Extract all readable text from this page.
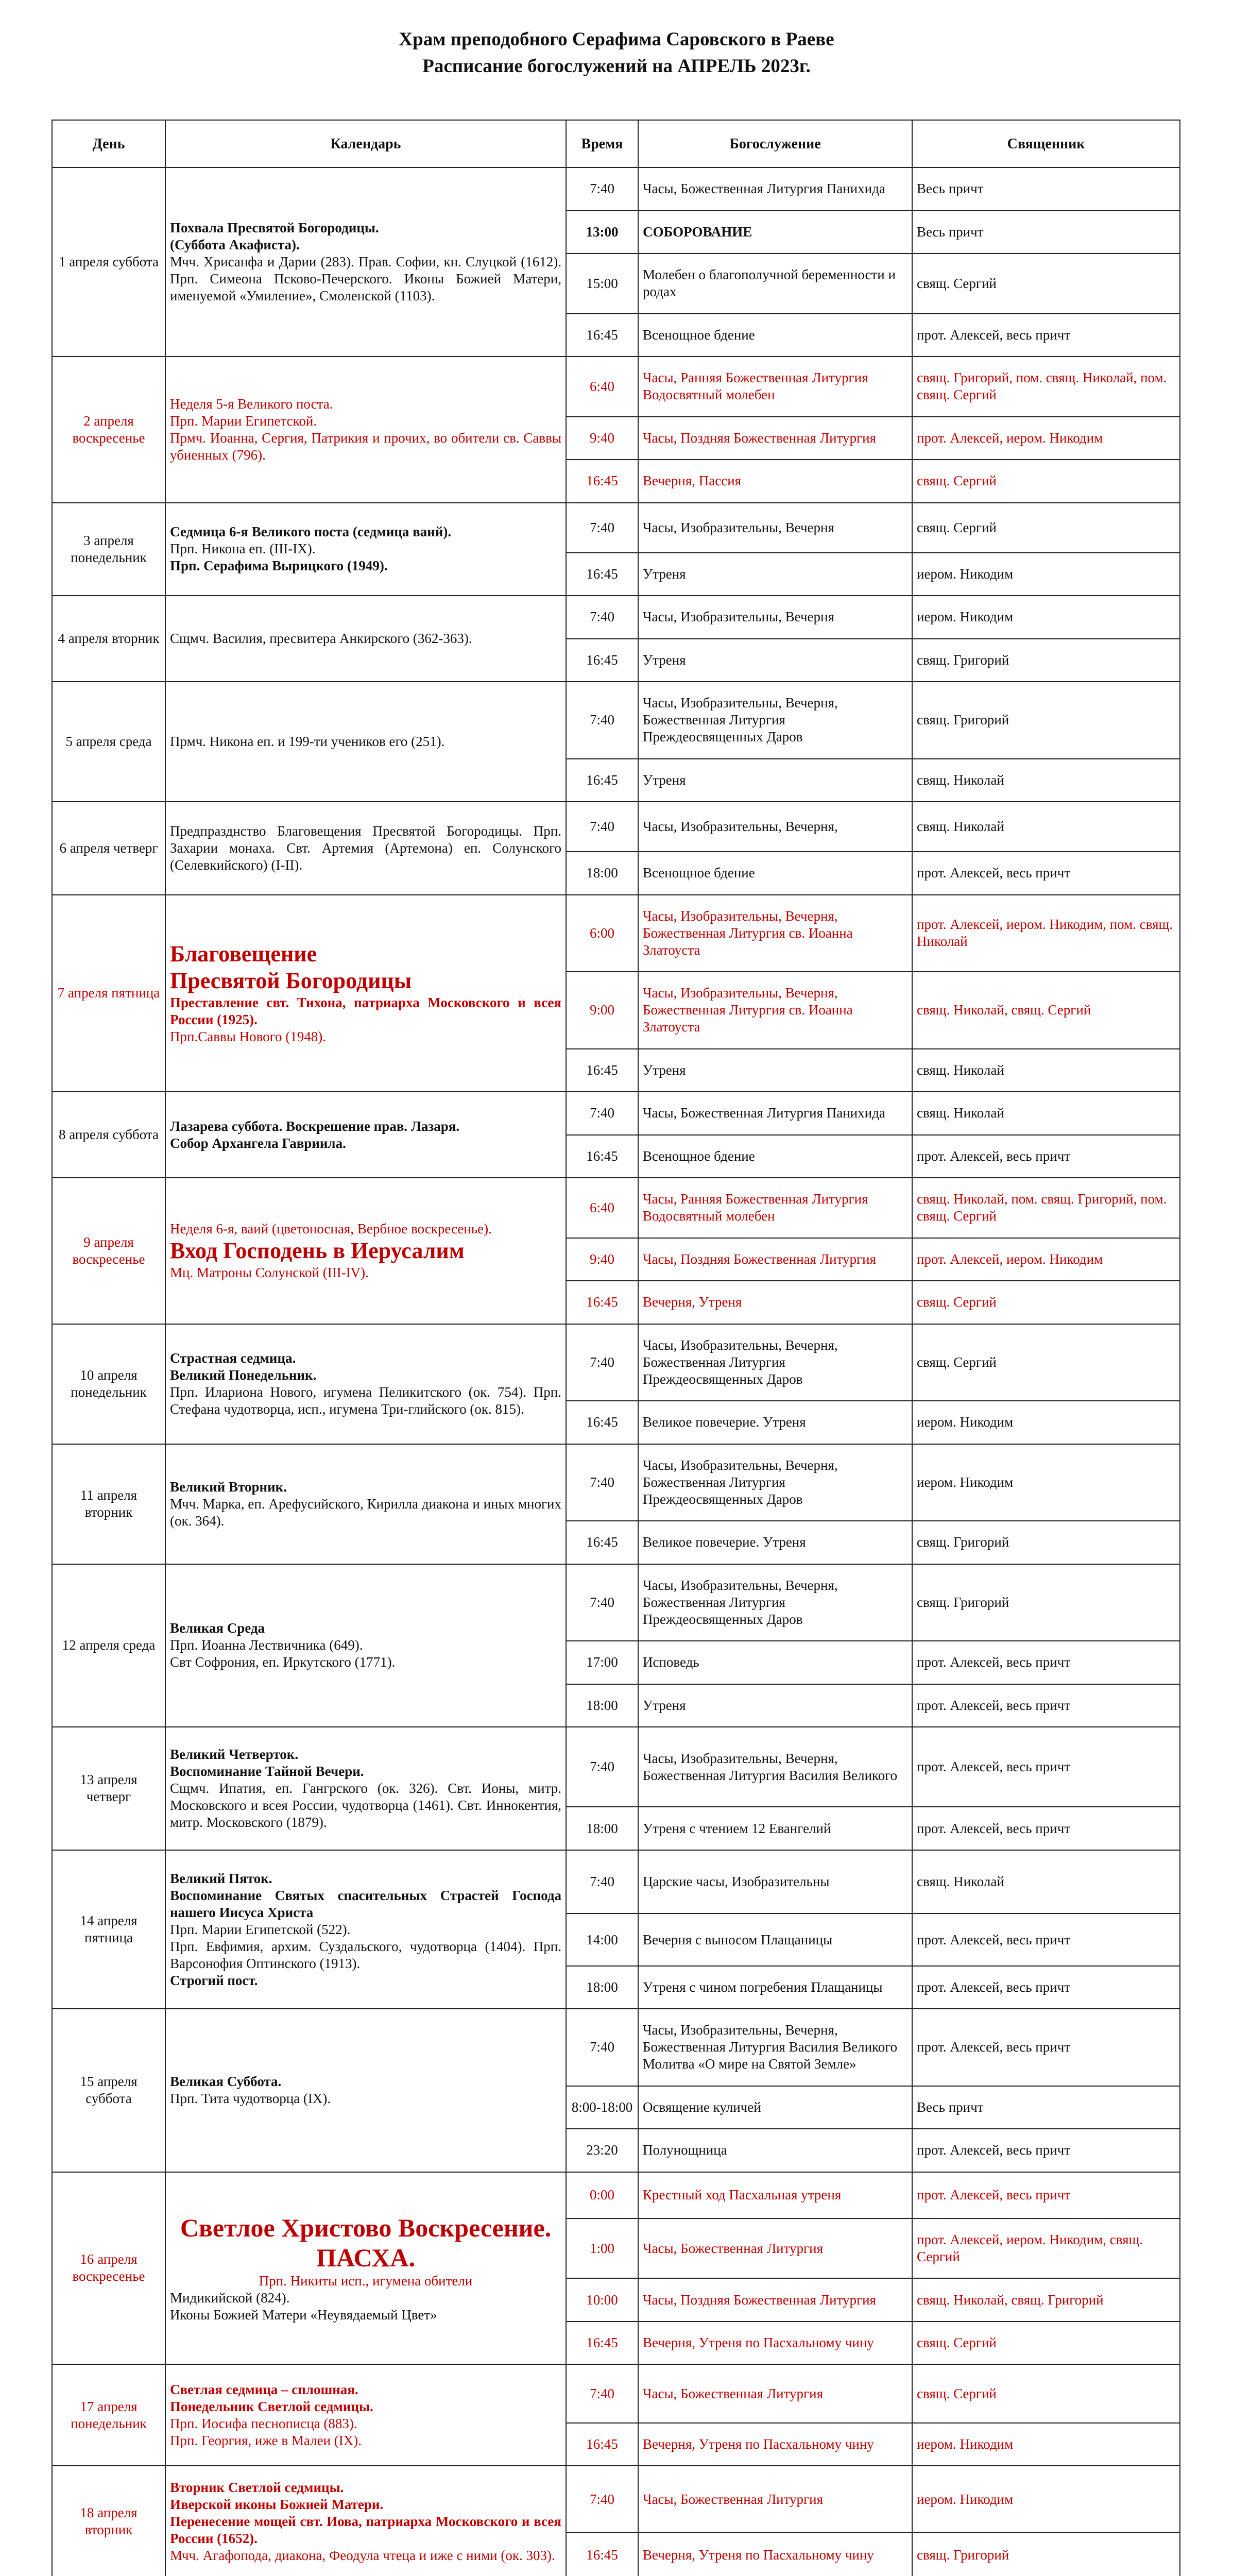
Храм преподобного Серафима Саровского в Раеве
Расписание богослужений на АПРЕЛЬ 2023г.
День	Календарь	Время	Богослужение	Священник
1 апреля суббота	Похвала Пресвятой Богородицы.
(Суббота Акафиста).
Мчч. Хрисанфа и Дарии (283). Прав. Софии, кн. Слуцкой (1612). Прп. Симеона Псково-Печерского. Иконы Божией Матери, именуемой «Умиление», Смоленской (1103).	7:40	Часы, Божественная Литургия Панихида	Весь причт
		13:00	СОБОРОВАНИЕ	Весь причт
		15:00	Молебен о благополучной беременности и родах	свящ. Сергий
		16:45	Всенощное бдение	прот. Алексей, весь причт
2 апреля воскресенье	Неделя 5-я Великого поста.
Прп. Марии Египетской.
Прмч. Иоанна, Сергия, Патрикия и прочих, во обители св. Саввы убиенных (796).	6:40	Часы, Ранняя Божественная Литургия Водосвятный молебен	свящ. Григорий, пом. свящ. Николай, пом. свящ. Сергий
		9:40	Часы, Поздняя Божественная Литургия	прот. Алексей, иером. Никодим
		16:45	Вечерня, Пассия	свящ. Сергий
3 апреля понедельник	Седмица 6-я Великого поста (седмица ваий).
Прп. Никона еп. (III-IX).
Прп. Серафима Вырицкого (1949).	7:40	Часы, Изобразительны, Вечерня	свящ. Сергий
		16:45	Утреня	иером. Никодим
4 апреля вторник	Сщмч. Василия, пресвитера Анкирского (362-363).	7:40	Часы, Изобразительны, Вечерня	иером. Никодим
		16:45	Утреня	свящ. Григорий
5 апреля среда	Прмч. Никона еп. и 199-ти учеников его (251).	7:40	Часы, Изобразительны, Вечерня, Божественная Литургия Преждеосвященных Даров	свящ. Григорий
		16:45	Утреня	свящ. Николай
6 апреля четверг	Предпразднство Благовещения Пресвятой Богородицы. Прп. Захарии монаха. Свт. Артемия (Артемона) еп. Солунского (Селевкийского) (I-II).	7:40	Часы, Изобразительны, Вечерня,	свящ. Николай
		18:00	Всенощное бдение	прот. Алексей, весь причт
7 апреля пятница	Благовещение
Пресвятой Богородицы
Преставление свт. Тихона, патриарха Московского и всея России (1925).
Прп.Саввы Нового (1948).	6:00	Часы, Изобразительны, Вечерня, Божественная Литургия св. Иоанна Златоуста	прот. Алексей, иером. Никодим, пом. свящ. Николай
		9:00	Часы, Изобразительны, Вечерня, Божественная Литургия св. Иоанна Златоуста	свящ. Николай, свящ. Сергий
		16:45	Утреня	свящ. Николай
8 апреля суббота	Лазарева суббота. Воскрешение прав. Лазаря.
Собор Архангела Гавриила.	7:40	Часы, Божественная Литургия Панихида	свящ. Николай
		16:45	Всенощное бдение	прот. Алексей, весь причт
9 апреля воскресенье	Неделя 6-я, ваий (цветоносная, Вербное воскресенье).
Вход Господень в Иерусалим
Мц. Матроны Солунской (III-IV).	6:40	Часы, Ранняя Божественная Литургия Водосвятный молебен	свящ. Николай, пом. свящ. Григорий, пом. свящ. Сергий
		9:40	Часы, Поздняя Божественная Литургия	прот. Алексей, иером. Никодим
		16:45	Вечерня, Утреня	свящ. Сергий
10 апреля понедельник	Страстная седмица.
Великий Понедельник.
Прп. Илариона Нового, игумена Пеликитского (ок. 754). Прп. Стефана чудотворца, исп., игумена Три-глийского (ок. 815).	7:40	Часы, Изобразительны, Вечерня, Божественная Литургия Преждеосвященных Даров	свящ. Сергий
		16:45	Великое повечерие. Утреня	иером. Никодим
11 апреля вторник	Великий Вторник.
Мчч. Марка, еп. Арефусийского, Кирилла диакона и иных многих (ок. 364).	7:40	Часы, Изобразительны, Вечерня, Божественная Литургия Преждеосвященных Даров	иером. Никодим
		16:45	Великое повечерие. Утреня	свящ. Григорий
12 апреля среда	Великая Среда
Прп. Иоанна Лествичника (649).
Свт Софрония, еп. Иркутского (1771).	7:40	Часы, Изобразительны, Вечерня, Божественная Литургия Преждеосвященных Даров	свящ. Григорий
		17:00	Исповедь	прот. Алексей, весь причт
		18:00	Утреня	прот. Алексей, весь причт
13 апреля четверг	Великий Четверток.
Воспоминание Тайной Вечери.
Сщмч. Ипатия, еп. Гангрского (ок. 326). Свт. Ионы, митр. Московского и всея России, чудотворца (1461). Свт. Иннокентия, митр. Московского (1879).	7:40	Часы, Изобразительны, Вечерня, Божественная Литургия Василия Великого	прот. Алексей, весь причт
		18:00	Утреня с чтением 12 Евангелий	прот. Алексей, весь причт
14 апреля пятница	Великий Пяток.
Воспоминание Святых спасительных Страстей Господа нашего Иисуса Христа
Прп. Марии Египетской (522).
Прп. Евфимия, архим. Суздальского, чудотворца (1404). Прп. Варсонофия Оптинского (1913).
Строгий пост.	7:40	Царские часы, Изобразительны	свящ. Николай
		14:00	Вечерня с выносом Плащаницы	прот. Алексей, весь причт
		18:00	Утреня с чином погребения Плащаницы	прот. Алексей, весь причт
15 апреля суббота	Великая Суббота.
Прп. Тита чудотворца (IX).	7:40	Часы, Изобразительны, Вечерня, Божественная Литургия Василия Великого Молитва «О мире на Святой Земле»	прот. Алексей, весь причт
		8:00-18:00	Освящение куличей	Весь причт
		23:20	Полунощница	прот. Алексей, весь причт
16 апреля воскресенье	Светлое Христово Воскресение.
ПАСХА.
Прп. Никиты исп., игумена обители
Мидикийской (824).
Иконы Божией Матери «Неувядаемый Цвет»	0:00	Крестный ход Пасхальная утреня	прот. Алексей, весь причт
		1:00	Часы, Божественная Литургия	прот. Алексей, иером. Никодим, свящ. Сергий
		10:00	Часы, Поздняя Божественная Литургия	свящ. Николай, свящ. Григорий
		16:45	Вечерня, Утреня по Пасхальному чину	свящ. Сергий
17 апреля понедельник	Светлая седмица – сплошная.
Понедельник Светлой седмицы.
Прп. Иосифа песнописца (883).
Прп. Георгия, иже в Малеи (IX).	7:40	Часы, Божественная Литургия	свящ. Сергий
		16:45	Вечерня, Утреня по Пасхальному чину	иером. Никодим
18 апреля вторник	Вторник Светлой седмицы.
Иверской иконы Божией Матери.
Перенесение мощей свт. Иова, патриарха Московского и всея России (1652).
Мчч. Агафопода, диакона, Феодула чтеца и иже с ними (ок. 303).	7:40	Часы, Божественная Литургия	иером. Никодим
		16:45	Вечерня, Утреня по Пасхальному чину	свящ. Григорий
